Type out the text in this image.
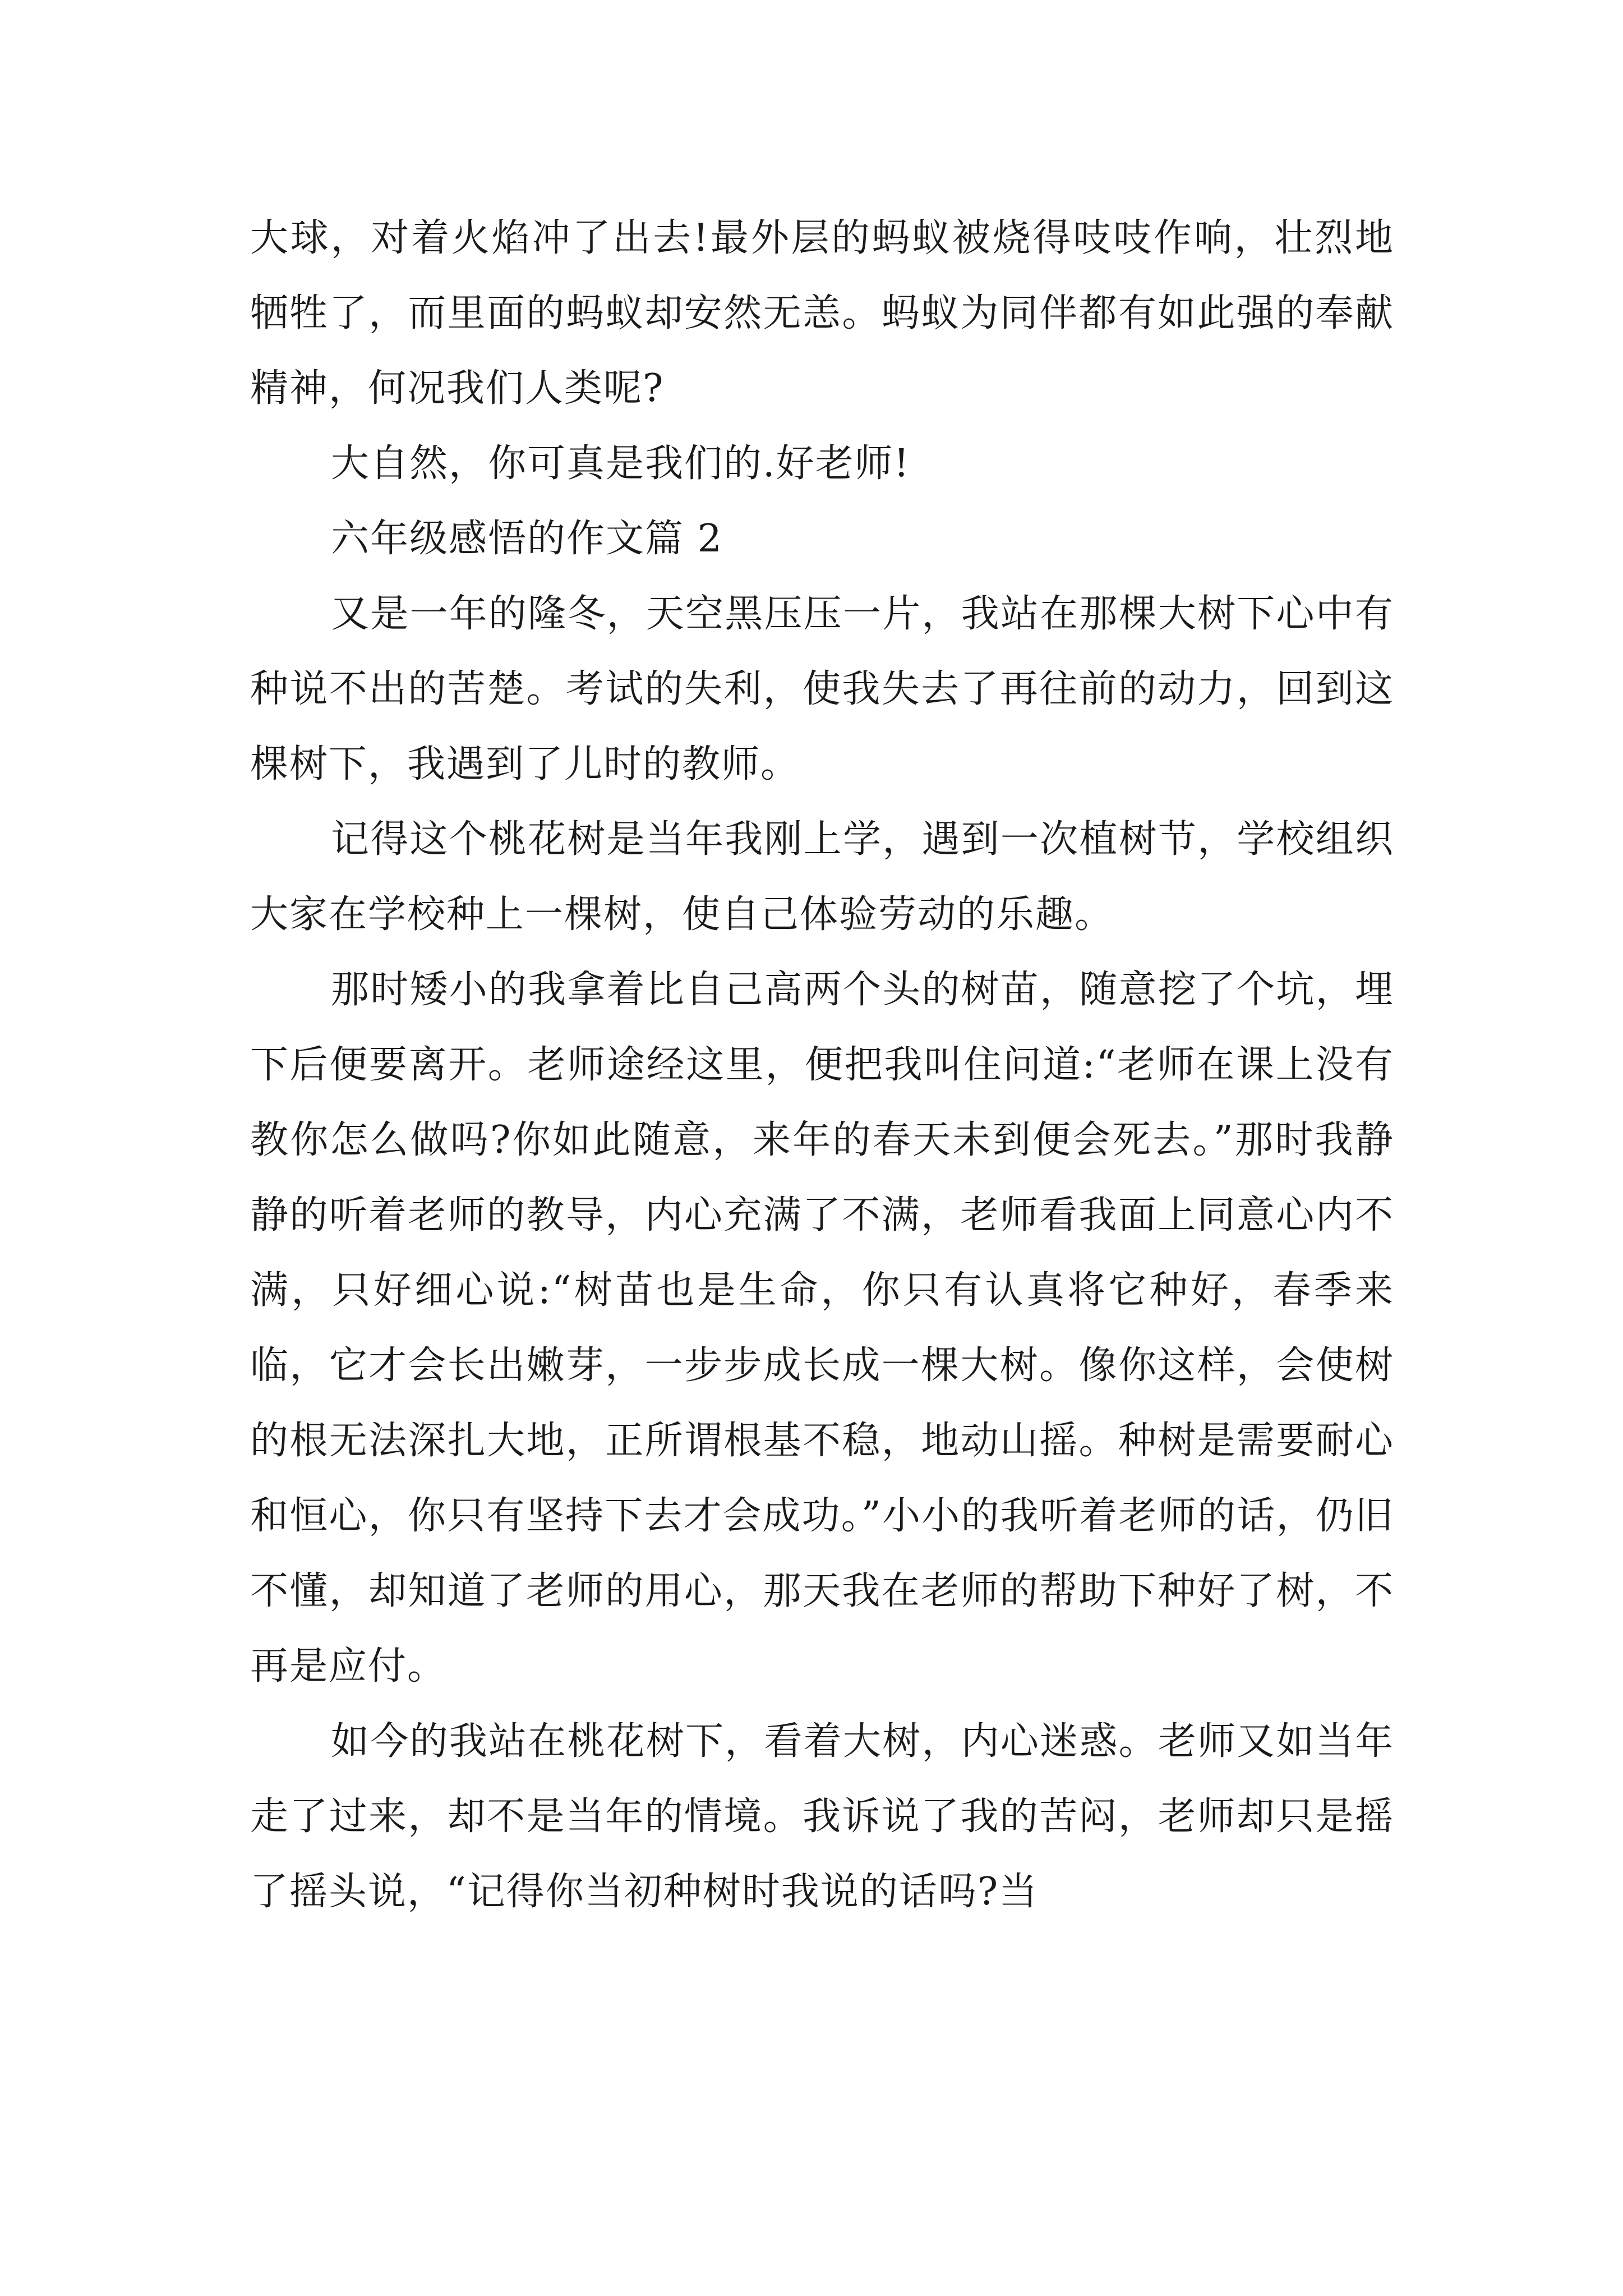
大球，对着火焰冲了出去!最外层的蚂蚁被烧得吱吱作响，壮烈地牺牲了，而里面的蚂蚁却安然无恙。蚂蚁为同伴都有如此强的奉献精神，何况我们人类呢?

大自然，你可真是我们的.好老师!

六年级感悟的作文篇 2

又是一年的隆冬，天空黑压压一片，我站在那棵大树下心中有种说不出的苦楚。考试的失利，使我失去了再往前的动力，回到这棵树下，我遇到了儿时的教师。

记得这个桃花树是当年我刚上学，遇到一次植树节，学校组织大家在学校种上一棵树，使自己体验劳动的乐趣。

那时矮小的我拿着比自己高两个头的树苗，随意挖了个坑，埋下后便要离开。老师途经这里，便把我叫住问道:“老师在课上没有教你怎么做吗?你如此随意，来年的春天未到便会死去。”那时我静静的听着老师的教导，内心充满了不满，老师看我面上同意心内不满，只好细心说:“树苗也是生命，你只有认真将它种好，春季来临，它才会长出嫩芽，一步步成长成一棵大树。像你这样，会使树的根无法深扎大地，正所谓根基不稳，地动山摇。种树是需要耐心和恒心，你只有坚持下去才会成功。”小小的我听着老师的话，仍旧不懂，却知道了老师的用心，那天我在老师的帮助下种好了树，不再是应付。

如今的我站在桃花树下，看着大树，内心迷惑。老师又如当年走了过来，却不是当年的情境。我诉说了我的苦闷，老师却只是摇了摇头说，“记得你当初种树时我说的话吗?当
